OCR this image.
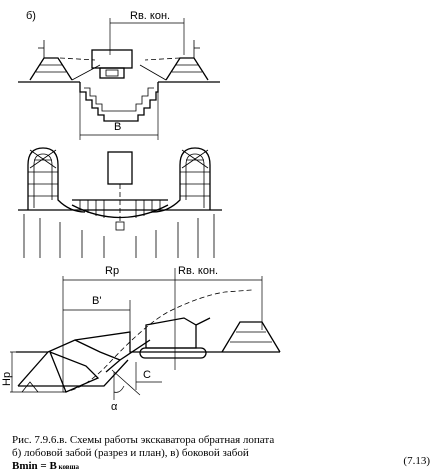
б)	Rв. кон.
B
Rp	Rв. кон.
B'
Hp	C
α
Рис. 7.9.6.в. Схемы работы экскаватора обратная лопата
б) лобовой забой (разрез и план), в) боковой забой
Bmin = B ковша	(7.13)
